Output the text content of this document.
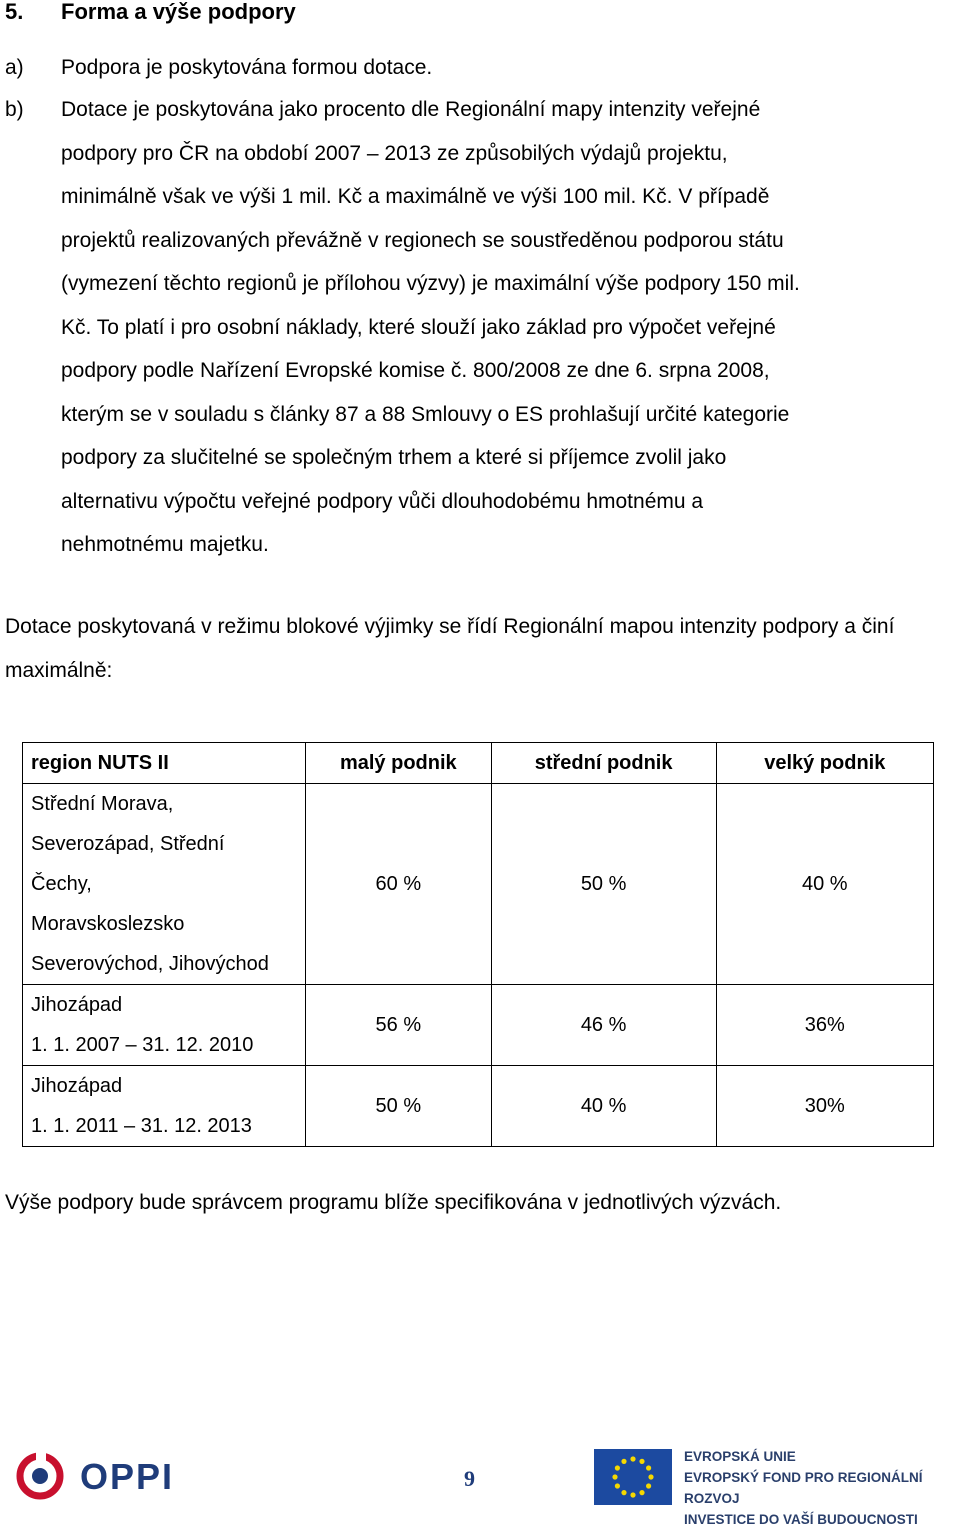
5. Forma a výše podpory
a)	Podpora je poskytována formou dotace.
b)	Dotace je poskytována jako procento dle Regionální mapy intenzity veřejné
podpory pro ČR na období 2007 – 2013 ze způsobilých výdajů projektu,
minimálně však ve výši 1 mil. Kč a maximálně ve výši 100 mil. Kč. V případě
projektů realizovaných převážně v regionech se soustředěnou podporou státu
(vymezení těchto regionů je přílohou výzvy) je maximální výše podpory 150 mil.
Kč. To platí i pro osobní náklady, které slouží jako základ pro výpočet veřejné
podpory podle Nařízení Evropské komise č. 800/2008 ze dne 6. srpna 2008,
kterým se v souladu s články 87 a 88 Smlouvy o ES prohlašují určité kategorie
podpory za slučitelné se společným trhem a které si příjemce zvolil jako
alternativu výpočtu veřejné podpory vůči dlouhodobému hmotnému a
nehmotnému majetku.
Dotace poskytovaná v režimu blokové výjimky se řídí Regionální mapou intenzity podpory a činí maximálně:
region NUTS II	malý podnik	střední podnik	velký podnik

Střední Morava,
Severozápad, Střední
Čechy,
Moravskoslezsko
Severovýchod, Jihovýchod	60 %	50 %	40 %

Jihozápad
1. 1. 2007 – 31. 12. 2010	56 %	46 %	36%

Jihozápad
1. 1. 2011 – 31. 12. 2013	50 %	40 %	30%
Výše podpory bude správcem programu blíže specifikována v jednotlivých výzvách.
OPPI	9
EVROPSKÁ UNIE
EVROPSKÝ FOND PRO REGIONÁLNÍ ROZVOJ
INVESTICE DO VAŠÍ BUDOUCNOSTI
